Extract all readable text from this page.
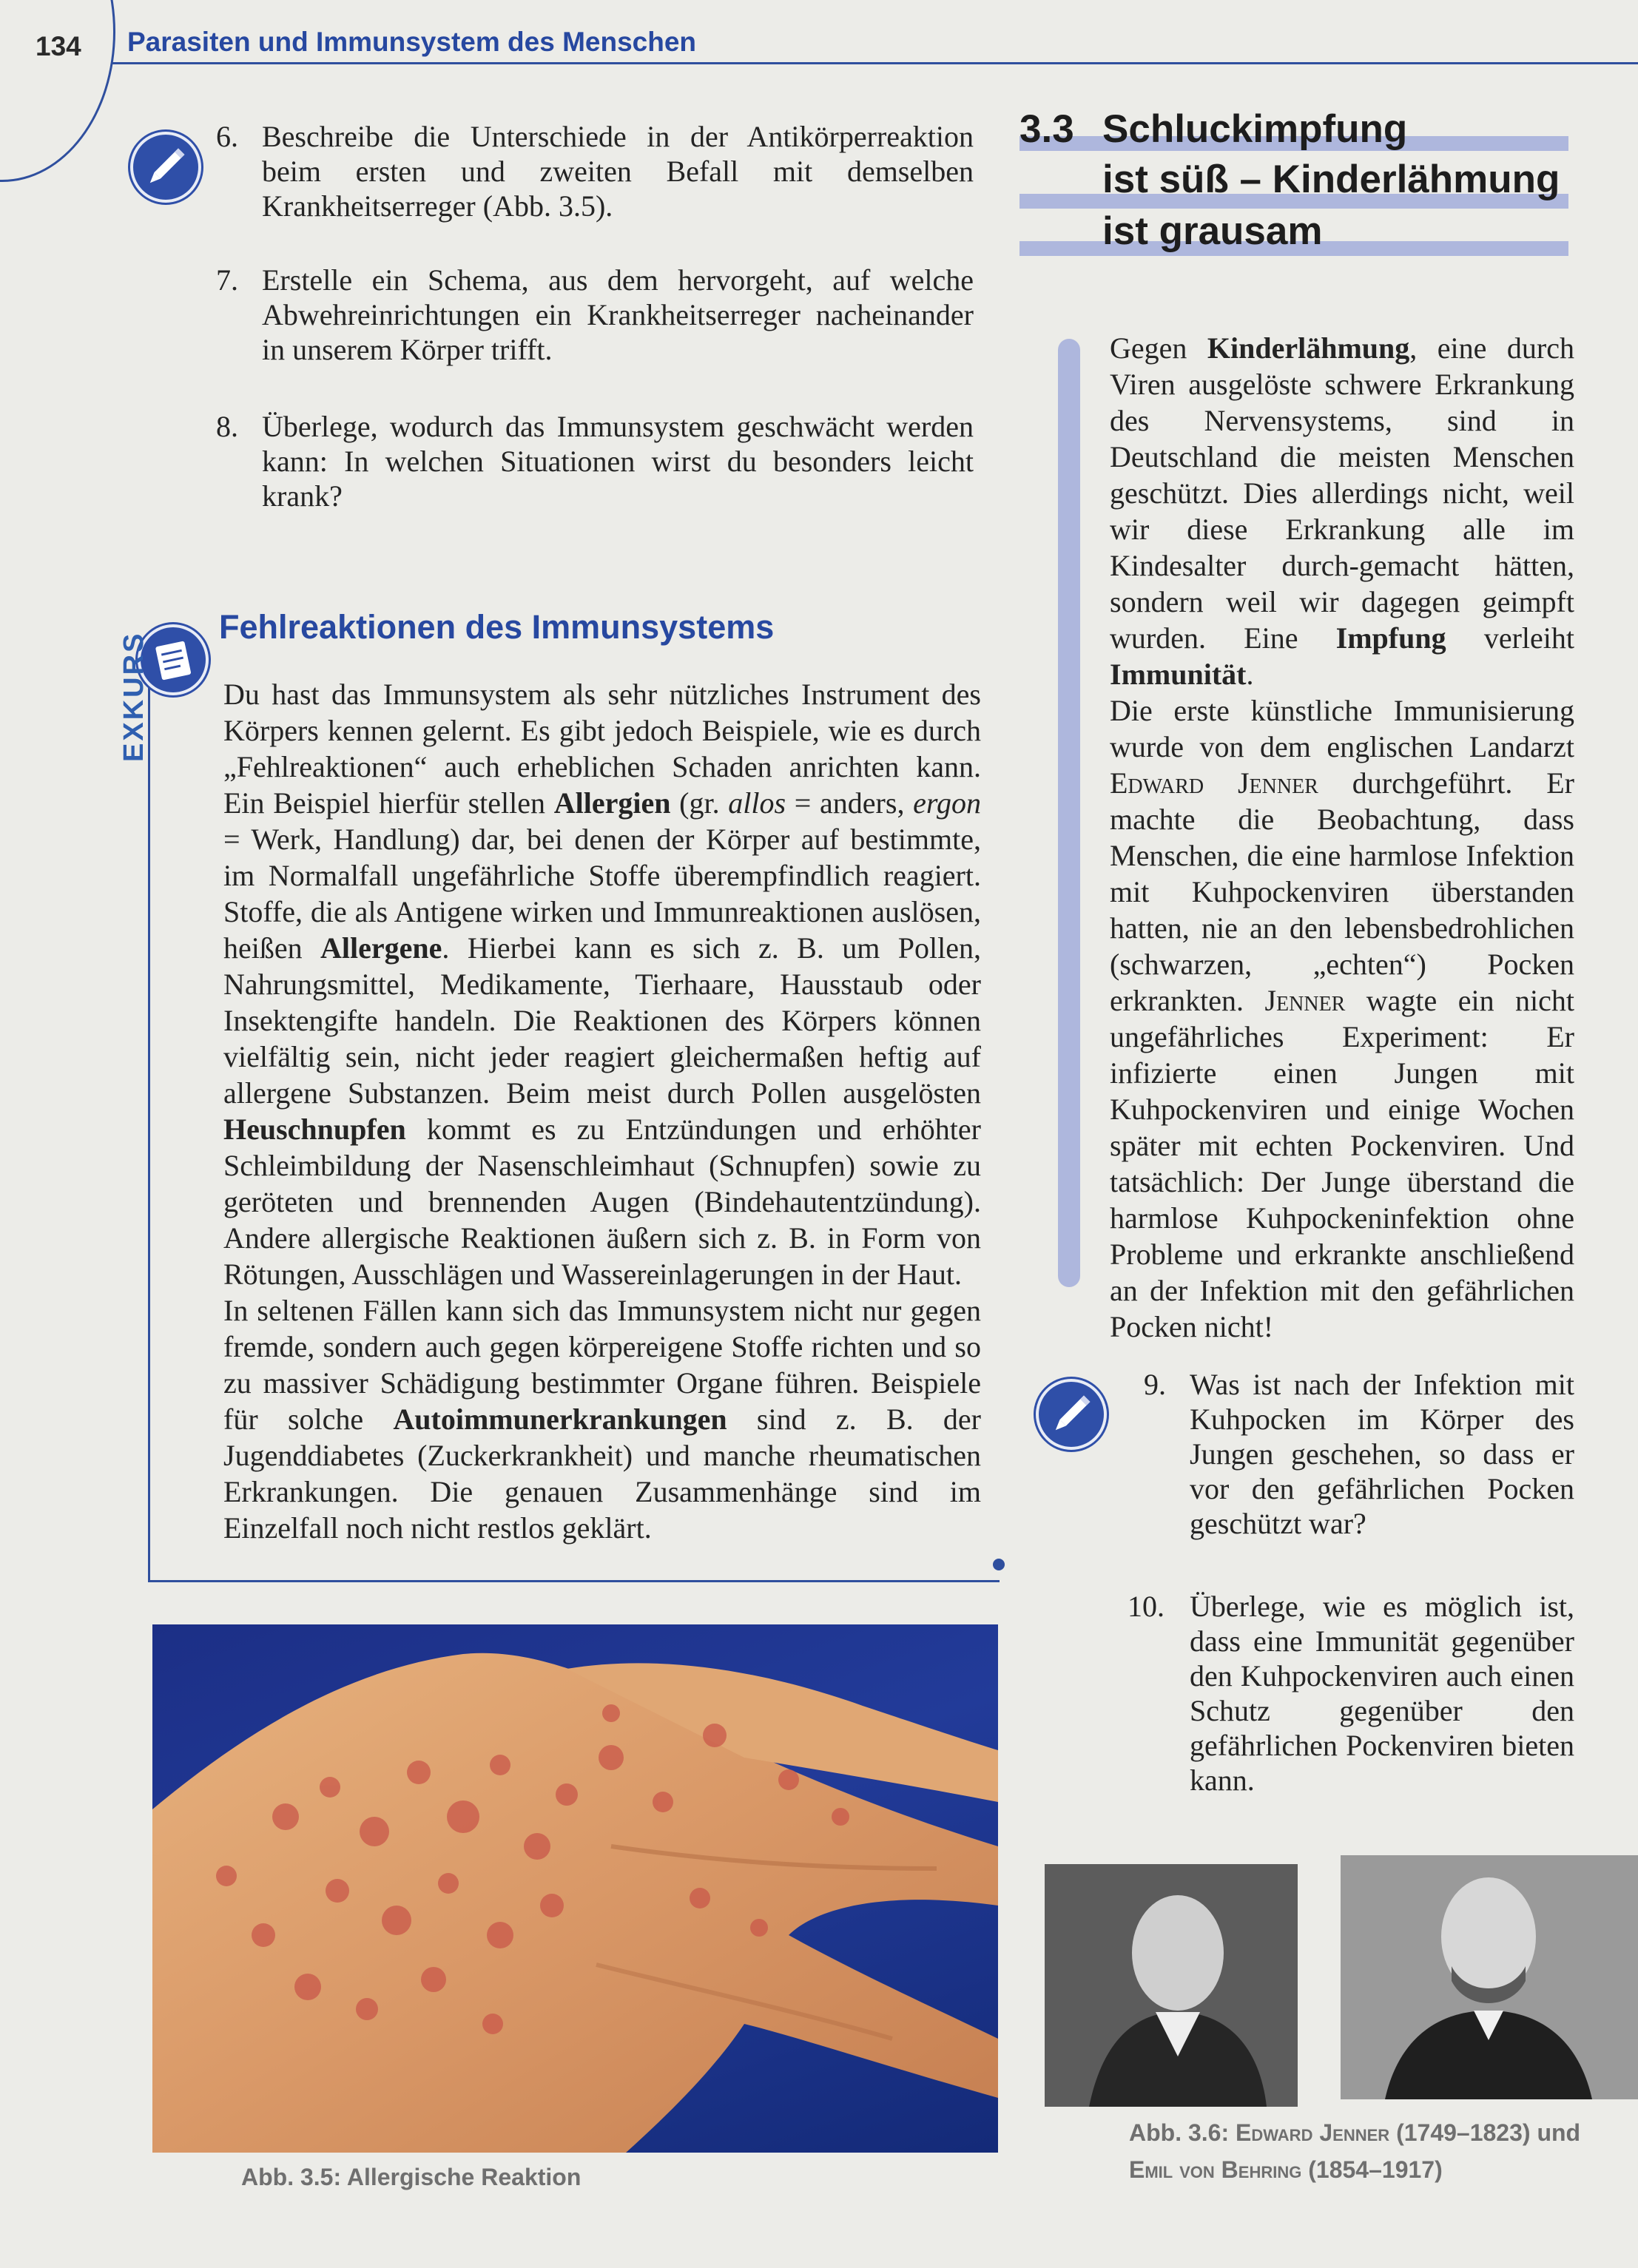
134 Parasiten und Immunsystem des Menschen
6. Beschreibe die Unterschiede in der Antikörperreaktion beim ersten und zweiten Befall mit demselben Krankheitserreger (Abb. 3.5).
7. Erstelle ein Schema, aus dem hervorgeht, auf welche Abwehreinrichtungen ein Krankheitserreger nacheinander in unserem Körper trifft.
8. Überlege, wodurch das Immunsystem geschwächt werden kann: In welchen Situationen wirst du besonders leicht krank?
EXKURS
Fehlreaktionen des Immunsystems
Du hast das Immunsystem als sehr nützliches Instrument des Körpers kennen gelernt. Es gibt jedoch Beispiele, wie es durch „Fehlreaktionen“ auch erheblichen Schaden anrichten kann. Ein Beispiel hierfür stellen Allergien (gr. allos = anders, ergon = Werk, Handlung) dar, bei denen der Körper auf bestimmte, im Normalfall ungefährliche Stoffe überempfindlich reagiert. Stoffe, die als Antigene wirken und Immunreaktionen auslösen, heißen Allergene. Hierbei kann es sich z. B. um Pollen, Nahrungsmittel, Medikamente, Tierhaare, Hausstaub oder Insektengifte handeln. Die Reaktionen des Körpers können vielfältig sein, nicht jeder reagiert gleichermaßen heftig auf allergene Substanzen. Beim meist durch Pollen ausgelösten Heuschnupfen kommt es zu Entzündungen und erhöhter Schleimbildung der Nasenschleimhaut (Schnupfen) sowie zu geröteten und brennenden Augen (Bindehautentzündung). Andere allergische Reaktionen äußern sich z. B. in Form von Rötungen, Ausschlägen und Wassereinlagerungen in der Haut.
In seltenen Fällen kann sich das Immunsystem nicht nur gegen fremde, sondern auch gegen körpereigene Stoffe richten und so zu massiver Schädigung bestimmter Organe führen. Beispiele für solche Autoimmunerkrankungen sind z. B. der Jugenddiabetes (Zuckerkrankheit) und manche rheumatischen Erkrankungen. Die genauen Zusammenhänge sind im Einzelfall noch nicht restlos geklärt.
3.3 Schluckimpfung
ist süß – Kinderlähmung
ist grausam
Gegen Kinderlähmung, eine durch Viren ausgelöste schwere Erkrankung des Nervensystems, sind in Deutschland die meisten Menschen geschützt. Dies allerdings nicht, weil wir diese Erkrankung alle im Kindesalter durch-gemacht hätten, sondern weil wir dagegen geimpft wurden. Eine Impfung verleiht Immunität.
Die erste künstliche Immunisierung wurde von dem englischen Landarzt Edward Jenner durchgeführt. Er machte die Beobachtung, dass Menschen, die eine harmlose Infektion mit Kuhpockenviren überstanden hatten, nie an den lebensbedrohlichen (schwarzen, „echten“) Pocken erkrankten. Jenner wagte ein nicht ungefährliches Experiment: Er infizierte einen Jungen mit Kuhpockenviren und einige Wochen später mit echten Pockenviren. Und tatsächlich: Der Junge überstand die harmlose Kuhpockeninfektion ohne Probleme und erkrankte anschließend an der Infektion mit den gefährlichen Pocken nicht!
9. Was ist nach der Infektion mit Kuhpocken im Körper des Jungen geschehen, so dass er vor den gefährlichen Pocken geschützt war?
10. Überlege, wie es möglich ist, dass eine Immunität gegenüber den Kuhpockenviren auch einen Schutz gegenüber den gefährlichen Pockenviren bieten kann.
Abb. 3.5: Allergische Reaktion
Abb. 3.6: Edward Jenner (1749–1823) und
Emil von Behring (1854–1917)
